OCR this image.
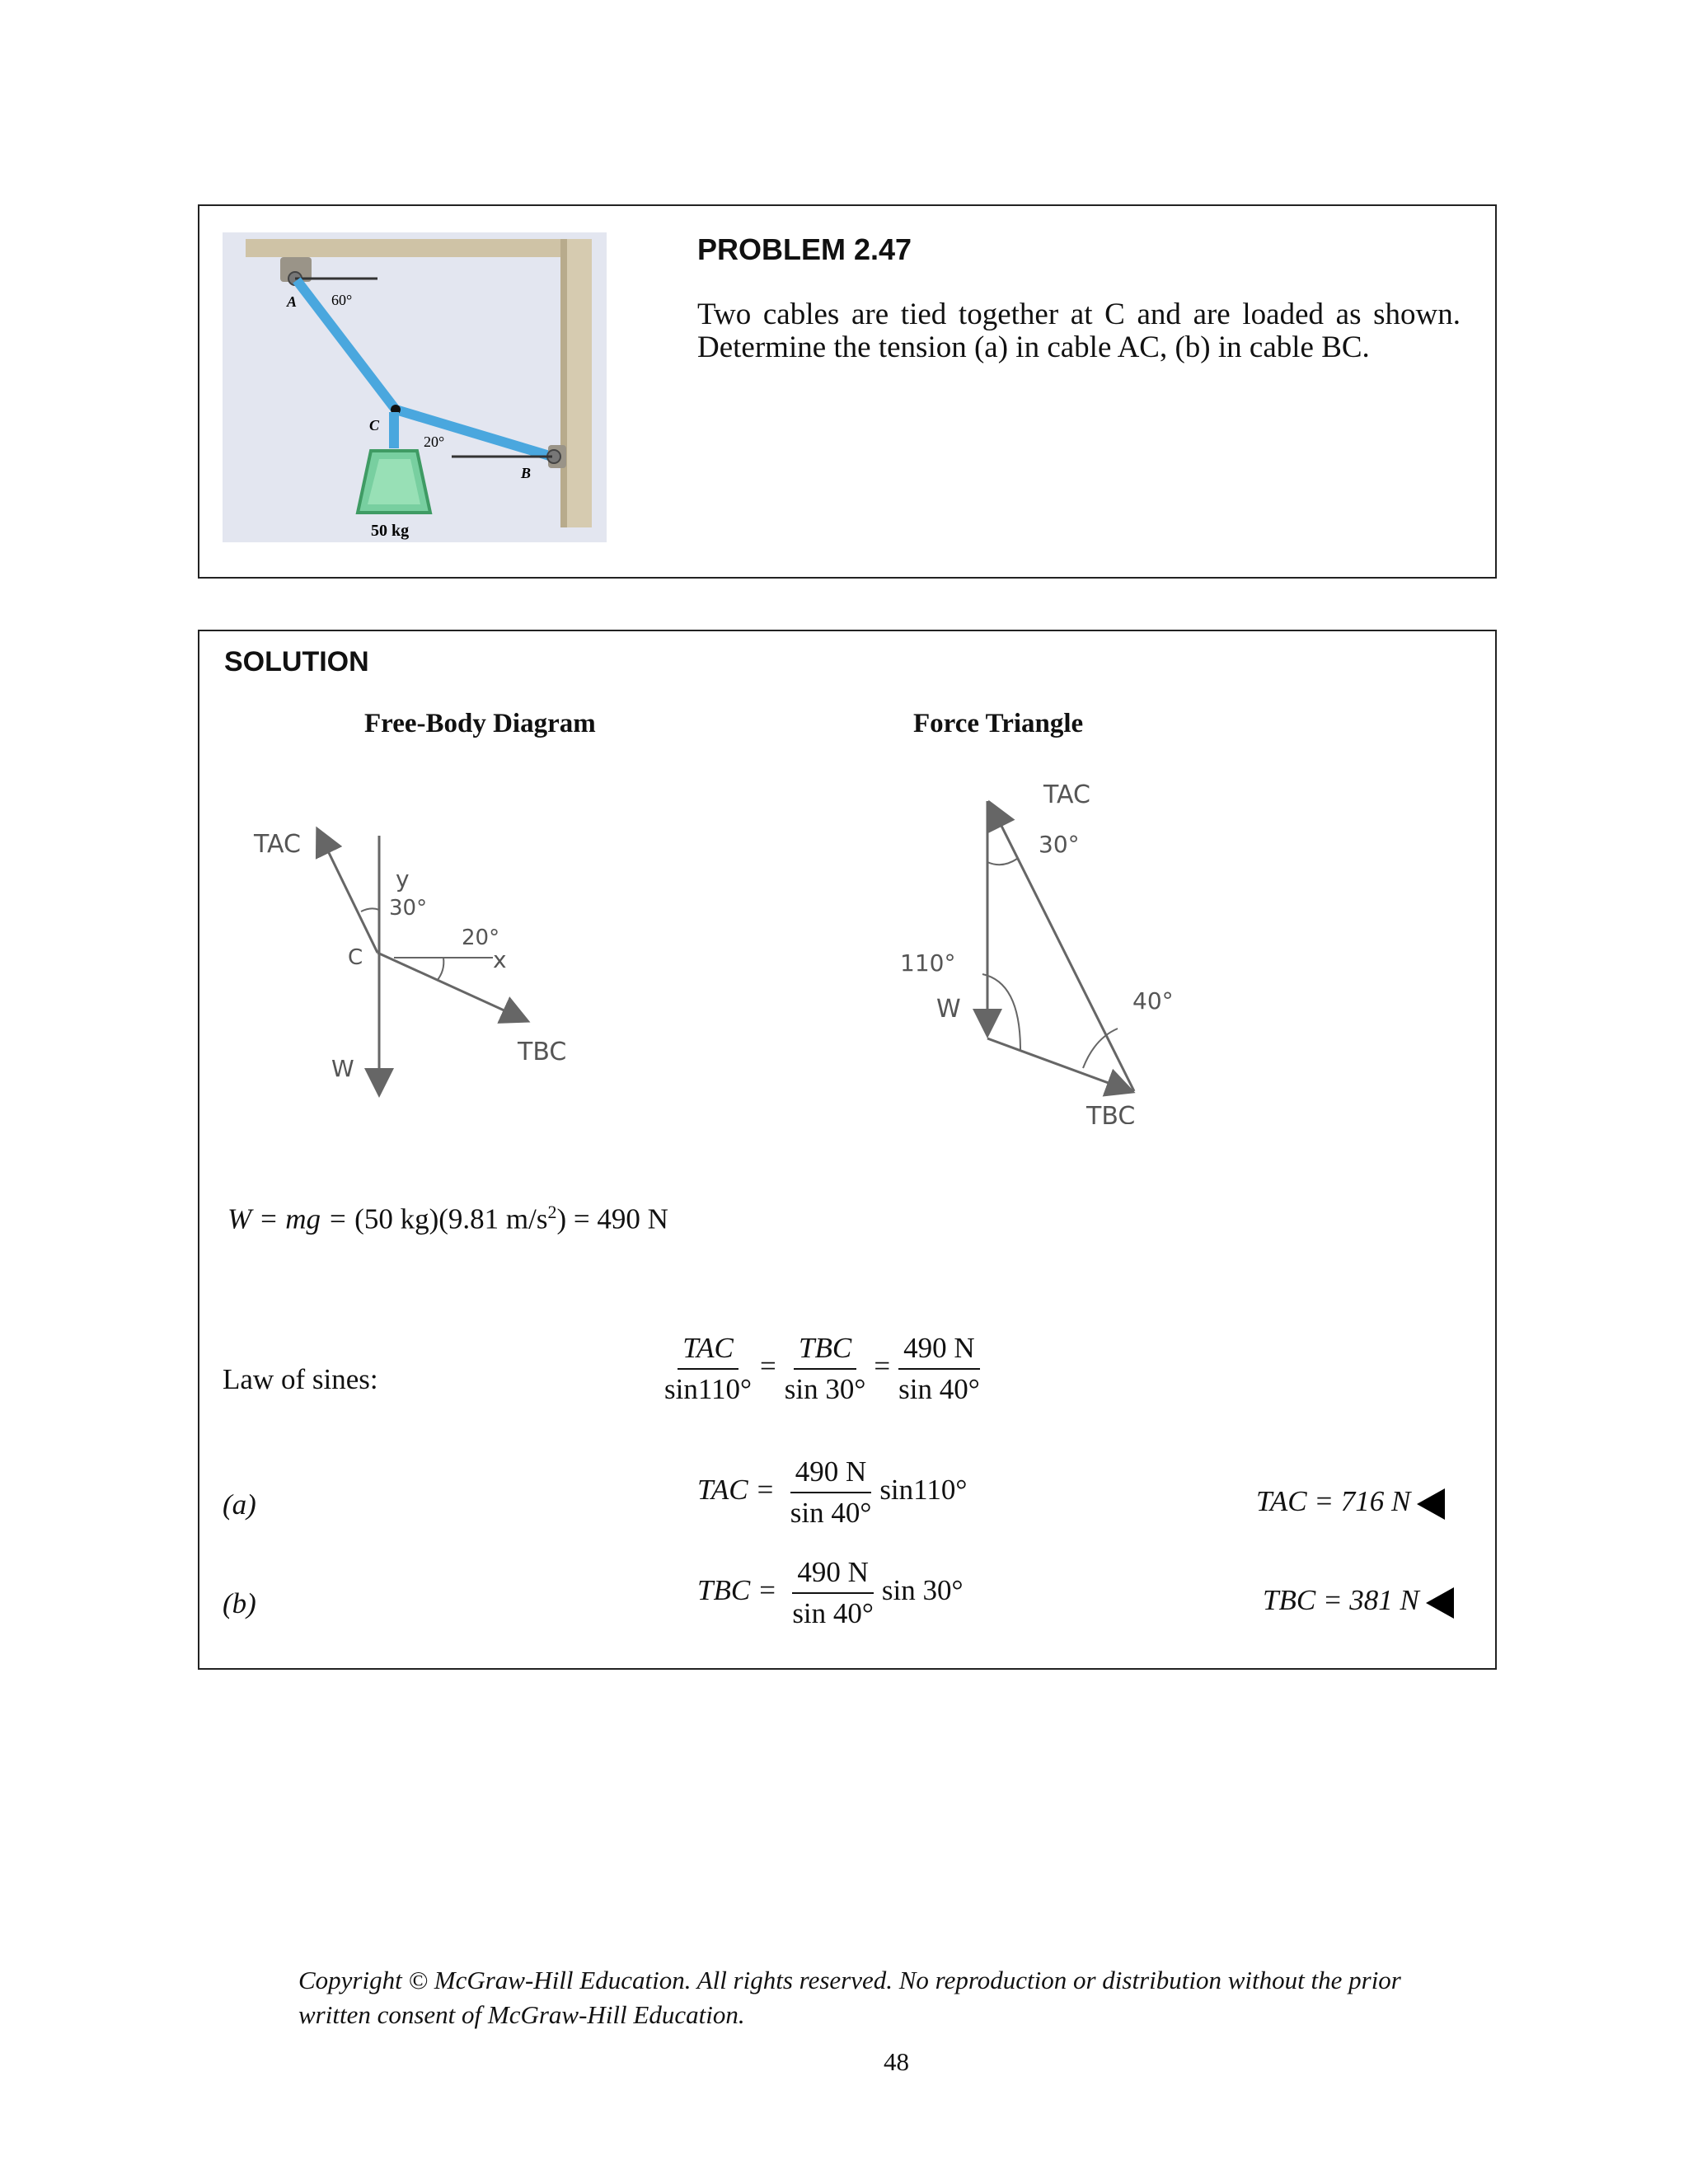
A 60°
C
20°
B
50 kg
PROBLEM 2.47
Two cables are tied together at C and are loaded as shown. Determine the tension (a) in cable AC, (b) in cable BC.
SOLUTION
Free-Body Diagram	Force Triangle
TAC
y
30°
C
20°
x
TBC
W
TAC
30°
110°
40°
W
TBC
W = mg = (50 kg)(9.81 $m/s^2) = 490$ N
Law of sines:	$\frac{\text{TAC}}{\sin 110^\circ} = \frac{\text{TBC}}{\sin 30^\circ} = \frac{490 N}{\sin 40^\circ}$
(a)	TAC = $\frac{490 N}{\sin 40^\circ} \sin 110^\circ$	TAC = 716 N
(b)	TBC = $\frac{490 N}{\sin 40^\circ}$ sin 30°	TBC = 381 N
Copyright © McGraw-Hill Education. All rights reserved. No reproduction or distribution without the prior written consent of McGraw-Hill Education.
48
